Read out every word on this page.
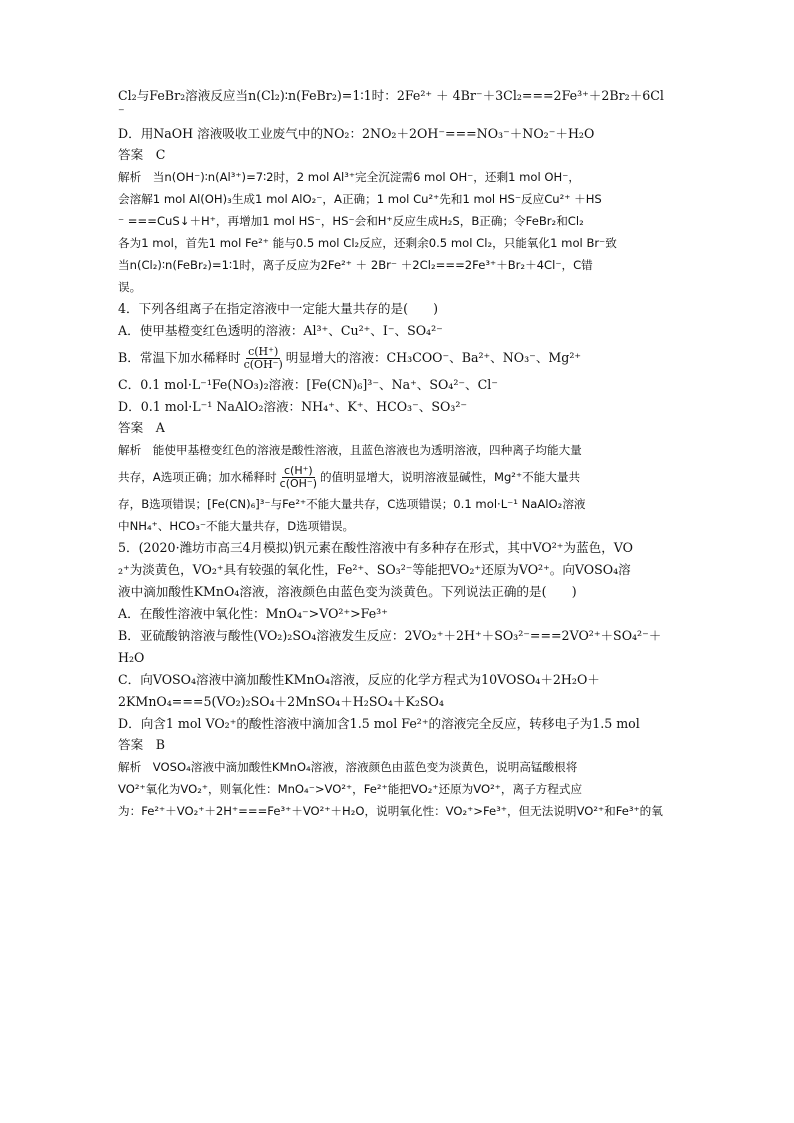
Cl₂与FeBr₂溶液反应当n(Cl₂)∶n(FeBr₂)=1∶1时：2Fe²⁺ ＋ 4Br⁻＋3Cl₂===2Fe³⁺＋2Br₂＋6Cl

⁻

D．用NaOH 溶液吸收工业废气中的NO₂：2NO₂＋2OH⁻===NO₃⁻＋NO₂⁻＋H₂O

答案　C

解析　当n(OH⁻)∶n(Al³⁺)=7∶2时，2 mol Al³⁺完全沉淀需6 mol OH⁻，还剩1 mol OH⁻，

会溶解1 mol Al(OH)₃生成1 mol AlO₂⁻，A正确；1 mol Cu²⁺先和1 mol HS⁻反应Cu²⁺ ＋HS

⁻ ===CuS↓＋H⁺，再增加1 mol HS⁻，HS⁻会和H⁺反应生成H₂S，B正确；令FeBr₂和Cl₂

各为1 mol，首先1 mol Fe²⁺ 能与0.5 mol Cl₂反应，还剩余0.5 mol Cl₂，只能氧化1 mol Br⁻致

当n(Cl₂)∶n(FeBr₂)=1∶1时，离子反应为2Fe²⁺ ＋ 2Br⁻ ＋2Cl₂===2Fe³⁺＋Br₂＋4Cl⁻，C错

误。

4．下列各组离子在指定溶液中一定能大量共存的是(　　)

A．使甲基橙变红色透明的溶液：Al³⁺、Cu²⁺、I⁻、SO₄²⁻

B．常温下加水稀释时 $\frac{c(H^+)}{c(OH^-)}$ 明显增大的溶液：CH₃COO⁻、Ba²⁺、NO₃⁻、Mg²⁺

C．0.1 mol·L⁻¹Fe(NO₃)₂溶液：[Fe(CN)₆]³⁻、Na⁺、SO₄²⁻、Cl⁻

D．0.1 mol·L⁻¹ NaAlO₂溶液：NH₄⁺、K⁺、HCO₃⁻、SO₃²⁻

答案　A

解析　能使甲基橙变红色的溶液是酸性溶液，且蓝色溶液也为透明溶液，四种离子均能大量

共存，A选项正确；加水稀释时 $\frac{c(H^+)}{c(OH^-)}$ 的值明显增大，说明溶液显碱性，Mg²⁺不能大量共

存，B选项错误；[Fe(CN)₆]³⁻与Fe²⁺不能大量共存，C选项错误；0.1 mol·L⁻¹ NaAlO₂溶液

中NH₄⁺、HCO₃⁻不能大量共存，D选项错误。

5．(2020·潍坊市高三4月模拟)钒元素在酸性溶液中有多种存在形式，其中VO²⁺为蓝色，VO

₂⁺为淡黄色，VO₂⁺具有较强的氧化性，Fe²⁺、SO₃²⁻等能把VO₂⁺还原为VO²⁺。向VOSO₄溶

液中滴加酸性KMnO₄溶液，溶液颜色由蓝色变为淡黄色。下列说法正确的是(　　)

A．在酸性溶液中氧化性：MnO₄⁻>VO²⁺>Fe³⁺

B．亚硫酸钠溶液与酸性(VO₂)₂SO₄溶液发生反应：2VO₂⁺＋2H⁺＋SO₃²⁻===2VO²⁺＋SO₄²⁻＋

H₂O

C．向VOSO₄溶液中滴加酸性KMnO₄溶液，反应的化学方程式为10VOSO₄＋2H₂O＋

2KMnO₄===5(VO₂)₂SO₄＋2MnSO₄＋H₂SO₄＋K₂SO₄

D．向含1 mol VO₂⁺的酸性溶液中滴加含1.5 mol Fe²⁺的溶液完全反应，转移电子为1.5 mol

答案　B

解析　VOSO₄溶液中滴加酸性KMnO₄溶液，溶液颜色由蓝色变为淡黄色，说明高锰酸根将

VO²⁺氧化为VO₂⁺，则氧化性：MnO₄⁻>VO²⁺，Fe²⁺能把VO₂⁺还原为VO²⁺，离子方程式应

为：Fe²⁺＋VO₂⁺＋2H⁺===Fe³⁺＋VO²⁺＋H₂O，说明氧化性：VO₂⁺>Fe³⁺，但无法说明VO²⁺和Fe³⁺的氧
